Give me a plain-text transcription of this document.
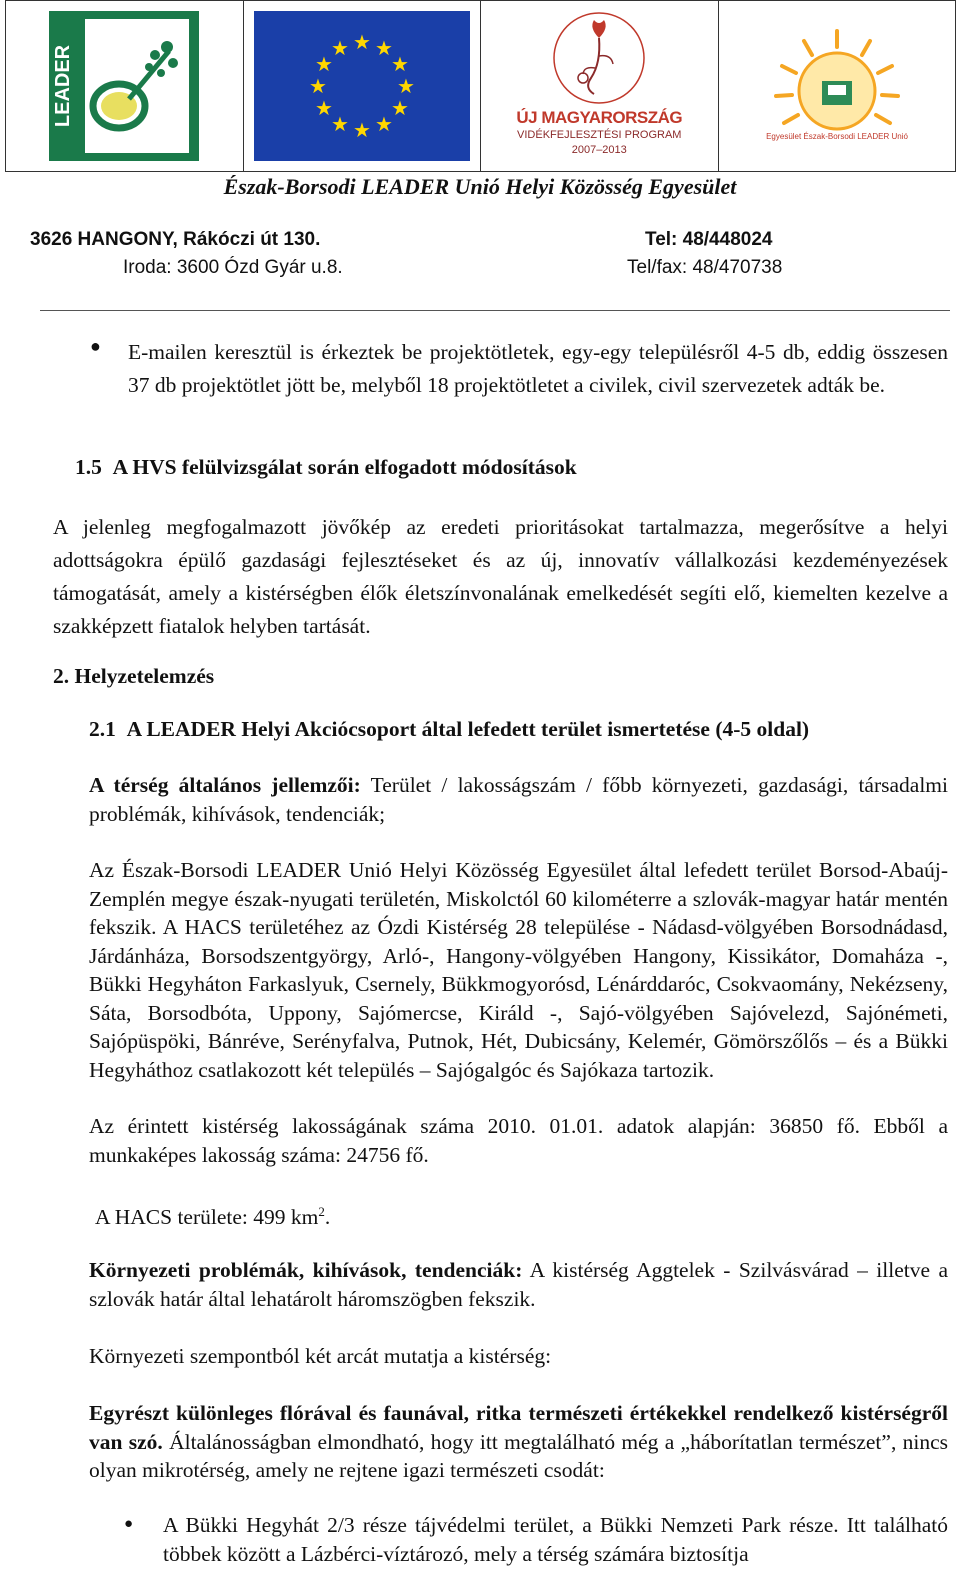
LEADER
★ ★
★
★
★
★
★
★
★
★
★
★
ÚJ MAGYARORSZÁG
VIDÉKFEJLESZTÉSI PROGRAM
2007–2013
Egyesület Észak-Borsodi LEADER Unió
Észak-Borsodi LEADER Unió Helyi Közösség Egyesület
3626 HANGONY, Rákóczi út 130.
Iroda: 3600 Ózd Gyár u.8.
Tel: 48/448024
Tel/fax: 48/470738
● E-mailen keresztül is érkeztek be projektötletek, egy-egy településről 4-5 db, eddig összesen 37 db projektötlet jött be, melyből 18 projektötletet a civilek, civil szervezetek adták be.
1.5 A HVS felülvizsgálat során elfogadott módosítások
A jelenleg megfogalmazott jövőkép az eredeti prioritásokat tartalmazza, megerősítve a helyi adottságokra épülő gazdasági fejlesztéseket és az új, innovatív vállalkozási kezdeményezések támogatását, amely a kistérségben élők életszínvonalának emelkedését segíti elő, kiemelten kezelve a szakképzett fiatalok helyben tartását.
2. Helyzetelemzés
2.1 A LEADER Helyi Akciócsoport által lefedett terület ismertetése (4-5 oldal)
A térség általános jellemzői: Terület / lakosságszám / főbb környezeti, gazdasági, társadalmi problémák, kihívások, tendenciák;
Az Észak-Borsodi LEADER Unió Helyi Közösség Egyesület által lefedett terület Borsod-Abaúj-Zemplén megye észak-nyugati területén, Miskolctól 60 kilométerre a szlovák-magyar határ mentén fekszik. A HACS területéhez az Ózdi Kistérség 28 települése - Nádasd-völgyében Borsodnádasd, Járdánháza, Borsodszentgyörgy, Arló-, Hangony-völgyében Hangony, Kissikátor, Domaháza -, Bükki Hegyháton Farkaslyuk, Csernely, Bükkmogyorósd, Lénárddaróc, Csokvaomány, Nekézseny, Sáta, Borsodbóta, Uppony, Sajómercse, Királd -, Sajó-völgyében Sajóvelezd, Sajónémeti, Sajópüspöki, Bánréve, Serényfalva, Putnok, Hét, Dubicsány, Kelemér, Gömörszőlős – és a Bükki Hegyháthoz csatlakozott két település – Sajógalgóc és Sajókaza tartozik.
Az érintett kistérség lakosságának száma 2010. 01.01. adatok alapján: 36850 fő. Ebből a munkaképes lakosság száma: 24756 fő.
A HACS területe: 499 $km^2$.
Környezeti problémák, kihívások, tendenciák: A kistérség Aggtelek - Szilvásvárad – illetve a szlovák határ által lehatárolt háromszögben fekszik.
Környezeti szempontból két arcát mutatja a kistérség:
Egyrészt különleges flórával és faunával, ritka természeti értékekkel rendelkező kistérségről van szó. Általánosságban elmondható, hogy itt megtalálható még a „háborítatlan természet”, nincs olyan mikrotérség, amely ne rejtene igazi természeti csodát:
● A Bükki Hegyhát 2/3 része tájvédelmi terület, a Bükki Nemzeti Park része. Itt található többek között a Lázbérci-víztározó, mely a térség számára biztosítja
